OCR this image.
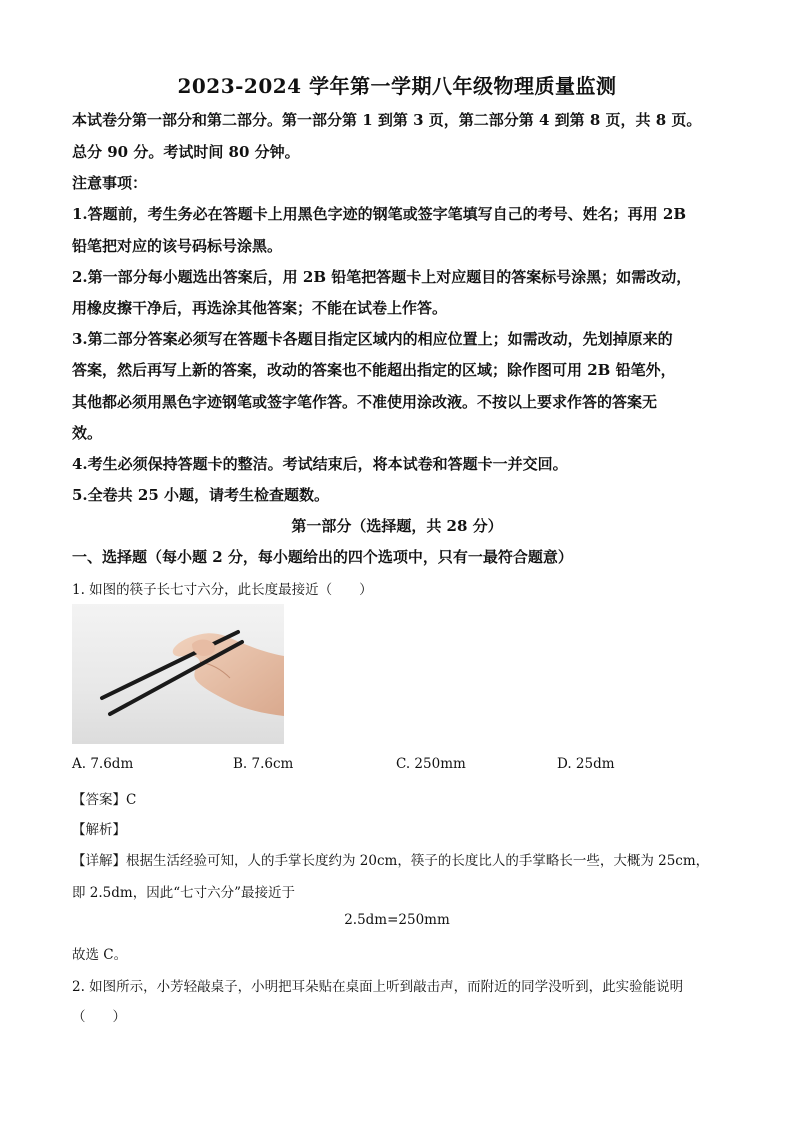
2023-2024 学年第一学期八年级物理质量监测
本试卷分第一部分和第二部分。第一部分第 1 到第 3 页，第二部分第 4 到第 8 页，共 8 页。
总分 90 分。考试时间 80 分钟。
注意事项：
1.答题前，考生务必在答题卡上用黑色字迹的钢笔或签字笔填写自己的考号、姓名；再用 2B
铅笔把对应的该号码标号涂黑。
2.第一部分每小题选出答案后，用 2B 铅笔把答题卡上对应题目的答案标号涂黑；如需改动，
用橡皮擦干净后，再选涂其他答案；不能在试卷上作答。
3.第二部分答案必须写在答题卡各题目指定区域内的相应位置上；如需改动，先划掉原来的
答案，然后再写上新的答案，改动的答案也不能超出指定的区域；除作图可用 2B 铅笔外，
其他都必须用黑色字迹钢笔或签字笔作答。不准使用涂改液。不按以上要求作答的答案无
效。
4.考生必须保持答题卡的整洁。考试结束后，将本试卷和答题卡一并交回。
5.全卷共 25 小题，请考生检查题数。
第一部分（选择题，共 28 分）
一、选择题（每小题 2 分，每小题给出的四个选项中，只有一最符合题意）
1. 如图的筷子长七寸六分，此长度最接近（　　）
A. 7.6dm	B. 7.6cm	C. 250mm	D. 25dm
【答案】C
【解析】
【详解】根据生活经验可知，人的手掌长度约为 20cm，筷子的长度比人的手掌略长一些，大概为 25cm，
即 2.5dm，因此“七寸六分”最接近于
2.5dm=250mm
故选 C。
2. 如图所示，小芳轻敲桌子，小明把耳朵贴在桌面上听到敲击声，而附近的同学没听到，此实验能说明
（　　）
